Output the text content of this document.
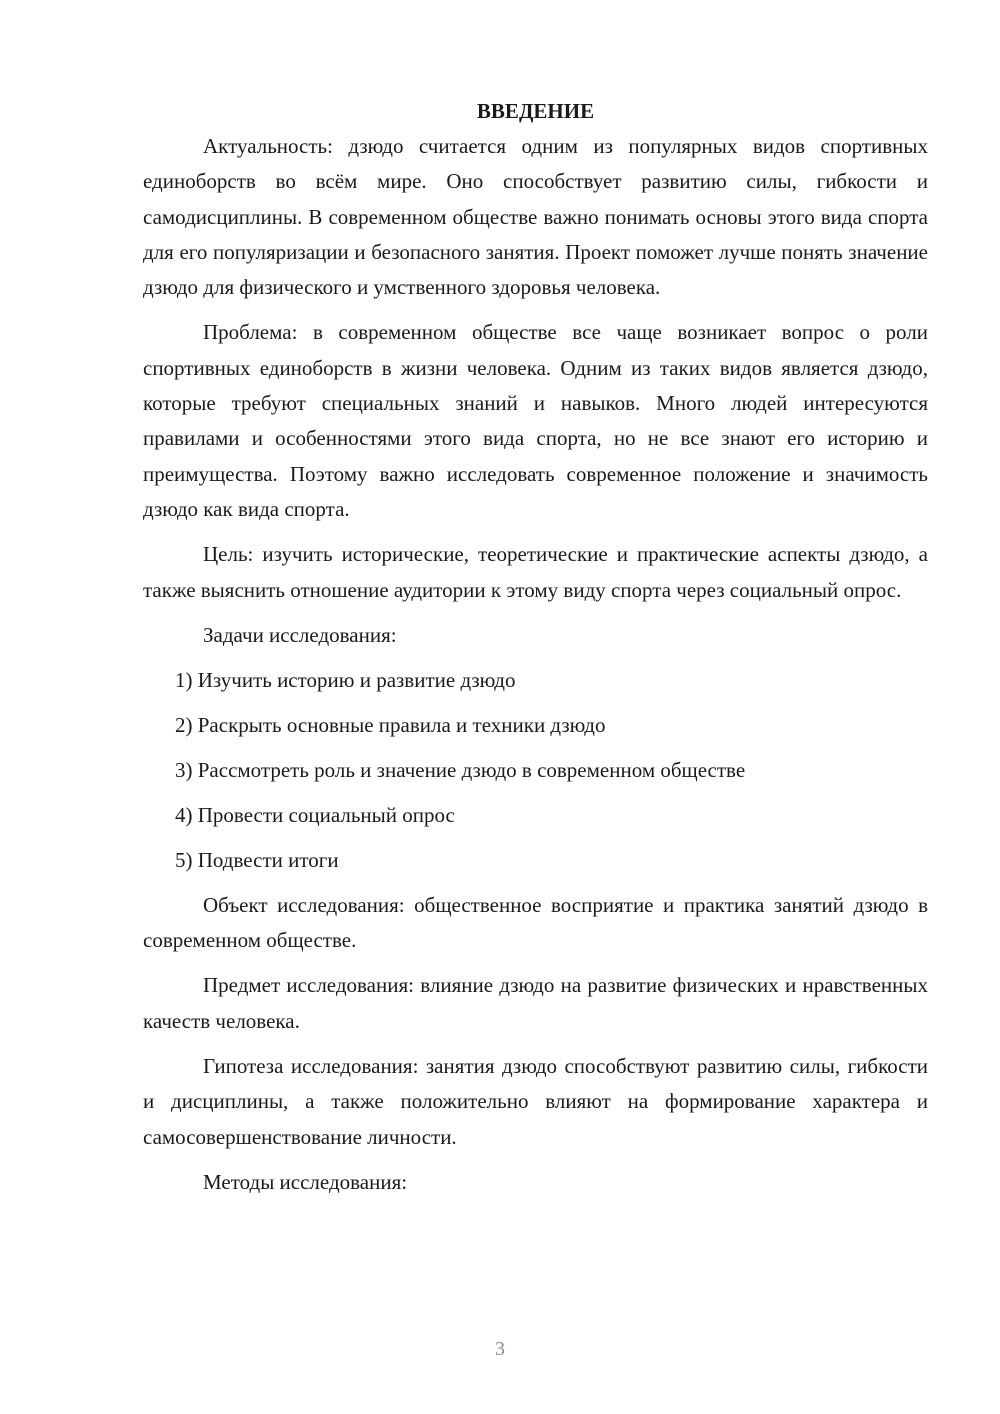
ВВЕДЕНИЕ

Актуальность: дзюдо считается одним из популярных видов спортивных единоборств во всём мире. Оно способствует развитию силы, гибкости и самодисциплины. В современном обществе важно понимать основы этого вида спорта для его популяризации и безопасного занятия. Проект поможет лучше понять значение дзюдо для физического и умственного здоровья человека.

Проблема: в современном обществе все чаще возникает вопрос о роли спортивных единоборств в жизни человека. Одним из таких видов является дзюдо, которые требуют специальных знаний и навыков. Много людей интересуются правилами и особенностями этого вида спорта, но не все знают его историю и преимущества. Поэтому важно исследовать современное положение и значимость дзюдо как вида спорта.

Цель: изучить исторические, теоретические и практические аспекты дзюдо, а также выяснить отношение аудитории к этому виду спорта через социальный опрос.

Задачи исследования:

1) Изучить историю и развитие дзюдо

2) Раскрыть основные правила и техники дзюдо

3) Рассмотреть роль и значение дзюдо в современном обществе

4) Провести социальный опрос

5) Подвести итоги

Объект исследования: общественное восприятие и практика занятий дзюдо в современном обществе.

Предмет исследования: влияние дзюдо на развитие физических и нравственных качеств человека.

Гипотеза исследования: занятия дзюдо способствуют развитию силы, гибкости и дисциплины, а также положительно влияют на формирование характера и самосовершенствование личности.

Методы исследования:

3
